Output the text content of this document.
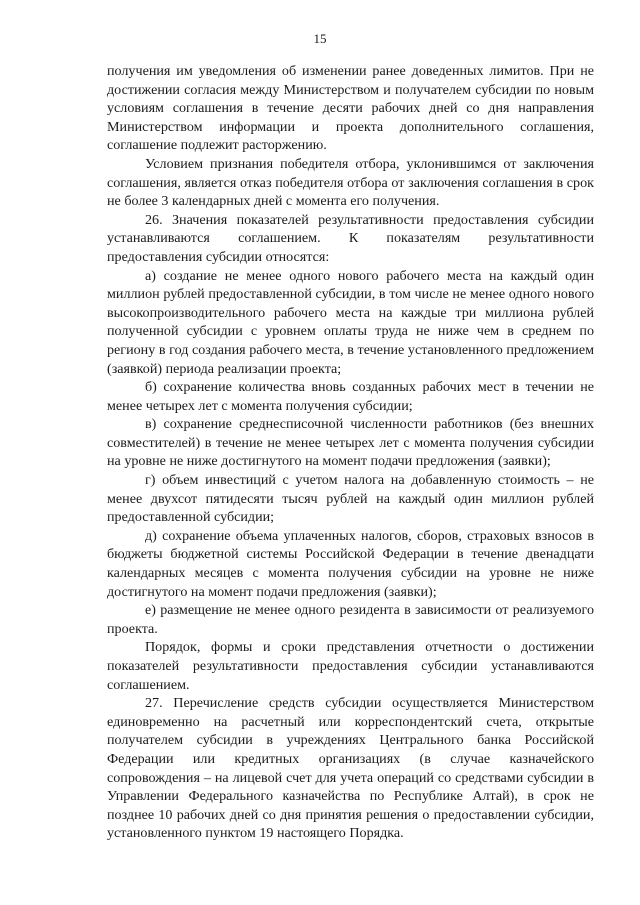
15

получения им уведомления об изменении ранее доведенных лимитов. При не достижении согласия между Министерством и получателем субсидии по новым условиям соглашения в течение десяти рабочих дней со дня направления Министерством информации и проекта дополнительного соглашения, соглашение подлежит расторжению.

Условием признания победителя отбора, уклонившимся от заключения соглашения, является отказ победителя отбора от заключения соглашения в срок не более 3 календарных дней с момента его получения.

26. Значения показателей результативности предоставления субсидии устанавливаются соглашением. К показателям результативности предоставления субсидии относятся:

а) создание не менее одного нового рабочего места на каждый один миллион рублей предоставленной субсидии, в том числе не менее одного нового высокопроизводительного рабочего места на каждые три миллиона рублей полученной субсидии с уровнем оплаты труда не ниже чем в среднем по региону в год создания рабочего места, в течение установленного предложением (заявкой) периода реализации проекта;

б) сохранение количества вновь созданных рабочих мест в течении не менее четырех лет с момента получения субсидии;

в) сохранение среднесписочной численности работников (без внешних совместителей) в течение не менее четырех лет с момента получения субсидии на уровне не ниже достигнутого на момент подачи предложения (заявки);

г) объем инвестиций с учетом налога на добавленную стоимость – не менее двухсот пятидесяти тысяч рублей на каждый один миллион рублей предоставленной субсидии;

д) сохранение объема уплаченных налогов, сборов, страховых взносов в бюджеты бюджетной системы Российской Федерации в течение двенадцати календарных месяцев с момента получения субсидии на уровне не ниже достигнутого на момент подачи предложения (заявки);

е) размещение не менее одного резидента в зависимости от реализуемого проекта.

Порядок, формы и сроки представления отчетности о достижении показателей результативности предоставления субсидии устанавливаются соглашением.

27. Перечисление средств субсидии осуществляется Министерством единовременно на расчетный или корреспондентский счета, открытые получателем субсидии в учреждениях Центрального банка Российской Федерации или кредитных организациях (в случае казначейского сопровождения – на лицевой счет для учета операций со средствами субсидии в Управлении Федерального казначейства по Республике Алтай), в срок не позднее 10 рабочих дней со дня принятия решения о предоставлении субсидии, установленного пунктом 19 настоящего Порядка.
